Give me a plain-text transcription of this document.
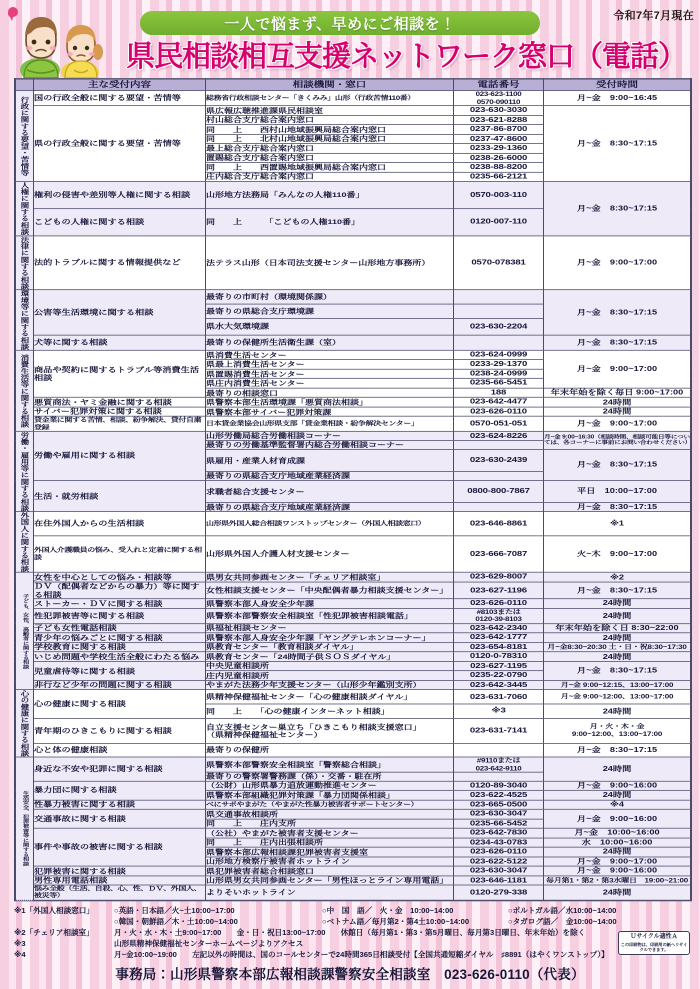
令和7年7月現在
一人で悩まず、早めにご相談を！
県民相談相互支援ネットワーク窓口（電話）
	主な受付内容	相談機関・窓口	電話番号	受付時間

行政に関する要望・苦情等	国の行政全般に関する要望・苦情等	総務省行政相談センター「きくみみ」山形（行政苦情110番）	023-623-1100
0570-090110	月~金　9:00~16:45
	県の行政全般に関する要望・苦情等	県広報広聴推進課県民相談室	023-630-3030	月~金　8:30~17:15
		村山総合支庁総合案内窓口	023-621-8288	
		同　　上　　西村山地域振興局総合案内窓口	0237-86-8700	
		同　　上　　北村山地域振興局総合案内窓口	0237-47-8600	
		最上総合支庁総合案内窓口	0233-29-1360	
		置賜総合支庁総合案内窓口	0238-26-6000	
		同　　上　　西置賜地域振興局総合案内窓口	0238-88-8200	
		庄内総合支庁総合案内窓口	0235-66-2121	

人権に関する相談	権利の侵害や差別等人権に関する相談	山形地方法務局「みんなの人権110番」	0570-003-110	月~金　8:30~17:15
	こどもの人権に関する相談	同　　上　　　「こどもの人権110番」	0120-007-110	

法律に関する相談	法的トラブルに関する情報提供など	法テラス山形（日本司法支援センター山形地方事務所）	0570-078381	月~金　9:00~17:00

環境等に関する相談	公害等生活環境に関する相談	最寄りの市町村（環境関係課）		月~金　8:30~17:15
		最寄りの県総合支庁環境課		
		県水大気環境課	023-630-2204	
	犬等に関する相談	最寄りの保健所生活衛生課（室）		月~金　8:30~17:15

消費生活等に関する相談	商品や契約に関するトラブル等消費生活相談	県消費生活センター	023-624-0999	月~金　9:00~17:00
		県最上消費生活センター	0233-29-1370	
		県置賜消費生活センター	0238-24-0999	
		県庄内消費生活センター	0235-66-5451	
		最寄りの相談窓口	188	年末年始を除く毎日 9:00~17:00
	悪質商法・ヤミ金融に関する相談	県警察本部生活環境課「悪質商法相談」	023-642-4477	24時間
	サイバー犯罪対策に関する相談	県警察本部サイバー犯罪対策課	023-626-0110	24時間
	貸金業に関する苦情、相談、紛争解決、貸付自粛登録	日本貸金業協会山形県支部「貸金業相談・紛争解決センター」	0570-051-051	月~金　9:00~17:00

労働・雇用等に関する相談	労働や雇用に関する相談	山形労働局総合労働相談コーナー	023-624-8226	月~金 9:00~16:30（相談時間、相談可能日等については、各コーナーに事前にお問い合わせください）
		最寄りの労働基準監督署内総合労働相談コーナー		
		県雇用・産業人材育成課	023-630-2439	月~金　8:30~17:15
		最寄りの県総合支庁地域産業経済課		
	生活・就労相談	求職者総合支援センター	0800-800-7867	平日　10:00~17:00
		最寄りの県総合支庁地域産業経済課		月~金　8:30~17:15

外国人に関する相談	在住外国人からの生活相談	山形県外国人総合相談ワンストップセンター（外国人相談窓口）	023-646-8861	※1
	外国人介護職員の悩み、受入れと定着に関する相談	山形県外国人介護人材支援センター	023-666-7087	火~木　9:00~17:00

子ども、女性、高齢者に関する相談	女性を中心としての悩み・相談等	県男女共同参画センター「チェリア相談室」	023-629-8007	※2
	ＤＶ（配偶者などからの暴力）等に関する相談	女性相談支援センター「中央配偶者暴力相談支援センター」	023-627-1196	月~金　8:30~17:15
	ストーカー・ＤＶに関する相談	県警察本部人身安全少年課	023-626-0110	24時間
	性犯罪被害等に関する相談	県警察本部警察安全相談室「性犯罪被害相談電話」	#8103または
0120-39-8103	24時間
	子ども女性電話相談	県福祉相談センター	023-642-2340	年末年始を除く日 8:30~22:00
	青少年の悩みごとに関する相談	県警察本部人身安全少年課「ヤングテレホンコーナー」	023-642-1777	24時間
	学校教育に関する相談	県教育センター「教育相談ダイヤル」	023-654-8181	月~金8:30~20:30 土・日・祝8:30~17:30
	いじめ問題や学校生活全般にわたる悩み	県教育センター「24時間子供ＳＯＳダイヤル」	0120-0-78310	24時間
	児童虐待等に関する相談	中央児童相談所	023-627-1195	月~金　8:30~17:15
		庄内児童相談所	0235-22-0790	
	非行など少年の問題に関する相談	やまがた法務少年支援センター（山形少年鑑別支所）	023-642-3445	月~金 9:00~12:15、13:00~17:00

心の健康に関する相談	心の健康に関する相談	県精神保健福祉センター「心の健康相談ダイヤル」	023-631-7060	月~金 9:00~12:00、13:00~17:00
		同　　上　　「心の健康インターネット相談」	※3	24時間
	青年期のひきこもりに関する相談	自立支援センター巣立ち「ひきこもり相談支援窓口」
（県精神保健福祉センター）	023-631-7141	月・火・木・金
9:00~12:00、13:00~17:00
	心と体の健康相談	最寄りの保健所		月~金　8:30~17:15

生活安全、犯罪被害等に関する相談	身近な不安や犯罪に関する相談	県警察本部警察安全相談室「警察総合相談」	#9110または
023-642-9110	24時間
		最寄りの警察署警務課（係）・交番・駐在所		
	暴力団に関する相談	（公財）山形県暴力追放運動推進センター	0120-89-3040	月~金　9:00~16:00
		県警察本部組織犯罪対策課「暴力団関係相談」	023-622-4525	24時間
	性暴力被害に関する相談	べにサポやまがた（やまがた性暴力被害者サポートセンター）	023-665-0500	※4
	交通事故に関する相談	県交通事故相談所	023-630-3047	月~金　9:00~16:00
		同　　上　　庄内支所	0235-66-5452	
	事件や事故の被害に関する相談	（公社）やまがた被害者支援センター	023-642-7830	月~金　10:00~16:00
		同　　上　　庄内出張相談所	0234-43-0783	水　10:00~16:00
		県警察本部広報相談課犯罪被害者支援室	023-626-0110	24時間
		山形地方検察庁被害者ホットライン	023-622-5122	月~金　9:00~17:00
	犯罪被害に関する相談	県犯罪被害者総合相談窓口	023-630-3047	月~金　9:00~16:00
	男性専用電話相談	山形県男女共同参画センター「男性ほっとライン専用電話」	023-646-1181	毎月第1・第2・第3水曜日　19:00~21:00
	悩み全般（生活、自殺、心、性、ＤＶ、外国人、被災等）	よりそいホットライン	0120-279-338	24時間
※1「外国人相談窓口」	○英語・日本語／火~土10:00~17:00
○韓国・朝鮮語／木・土10:00~14:00
○中　国　語／　火・金　10:00~14:00
○ベトナム語／毎月第2・第4土10:00~14:00
○ポルトガル語／水10:00~14:00
○タガログ語／　金10:00~14:00
※2「チェリア相談室」	月・火・水・木・土9:00~17:00　　金・日・祝日13:00~17:00　　休館日（毎月第1・第3・第5月曜日、毎月第3日曜日、年末年始）を除く
※3	山形県精神保健福祉センターホームページよりアクセス
※4	月~金10:00~19:00　　左記以外の時間は、国のコールセンターで24時間365日相談受付【全国共通短縮ダイヤル　♯8891（はやくワンストップ）】
Ｕサイクル適性Ａ
この印刷物は、印刷用の紙へリサイクルできます。
事務局：山形県警察本部広報相談課警察安全相談室　023-626-0110（代表）
